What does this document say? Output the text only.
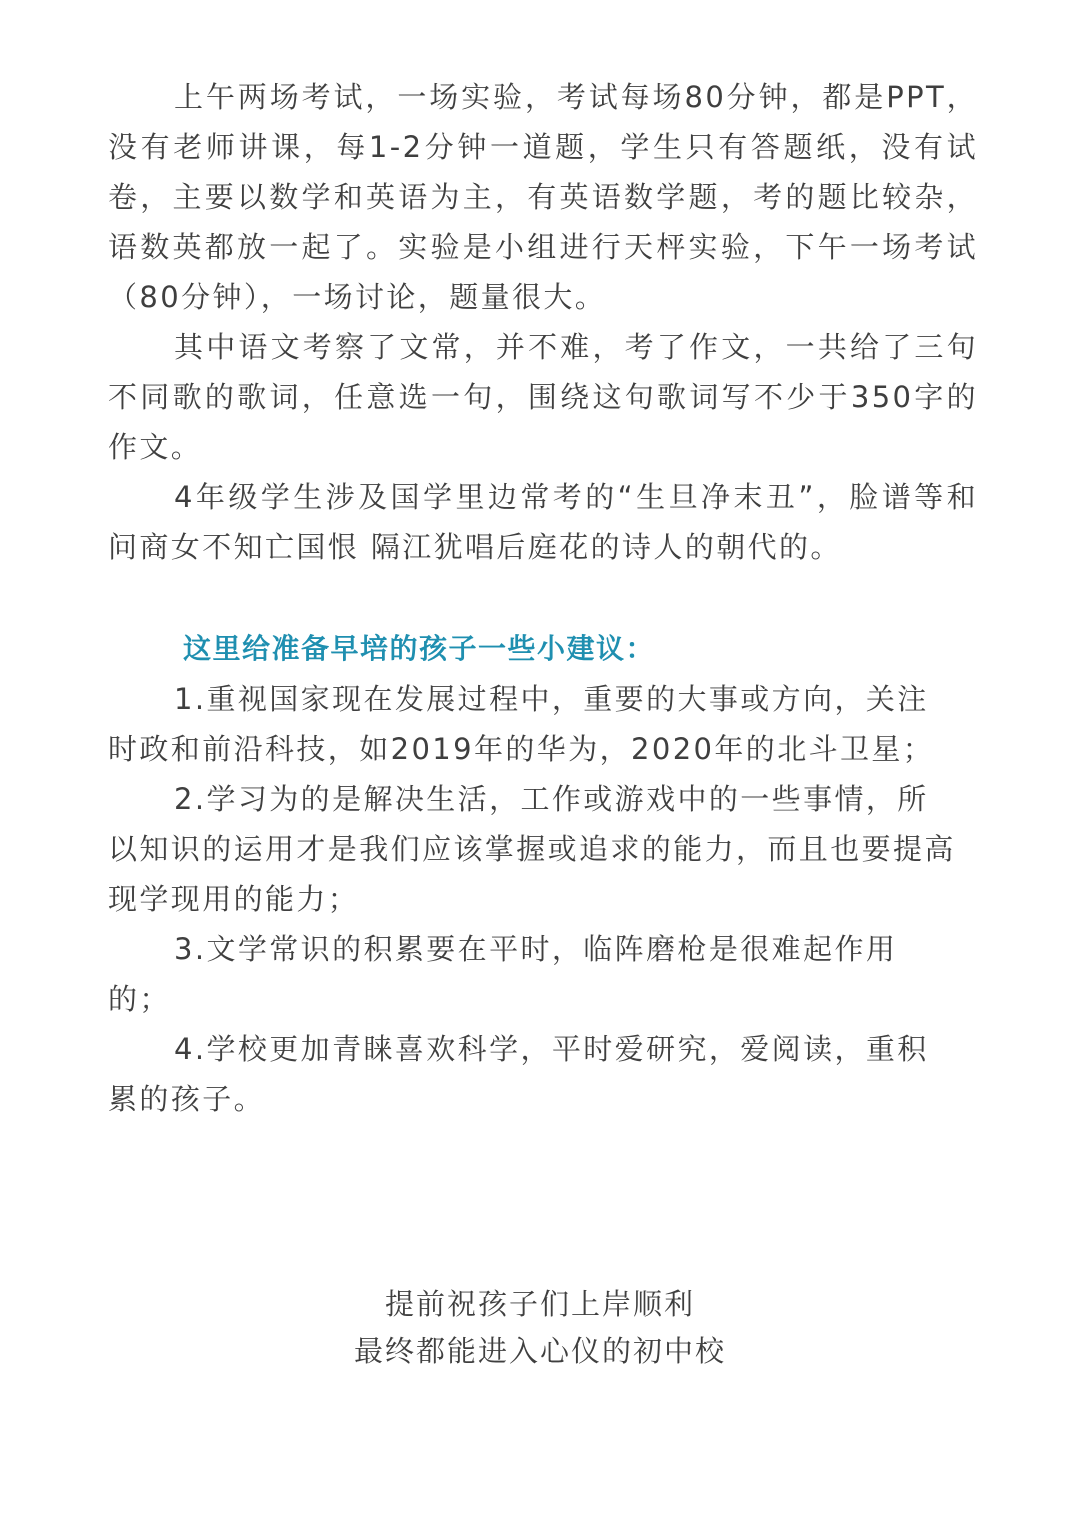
上午两场考试，一场实验，考试每场80分钟，都是PPT，没有老师讲课，每1-2分钟一道题，学生只有答题纸，没有试卷，主要以数学和英语为主，有英语数学题，考的题比较杂，语数英都放一起了。实验是小组进行天枰实验，下午一场考试（80分钟），一场讨论，题量很大。

其中语文考察了文常，并不难，考了作文，一共给了三句不同歌的歌词，任意选一句，围绕这句歌词写不少于350字的作文。

4年级学生涉及国学里边常考的“生旦净末丑”，脸谱等和问商女不知亡国恨 隔江犹唱后庭花的诗人的朝代的。

这里给准备早培的孩子一些小建议：

1.重视国家现在发展过程中，重要的大事或方向，关注时政和前沿科技，如2019年的华为，2020年的北斗卫星；

2.学习为的是解决生活，工作或游戏中的一些事情，所以知识的运用才是我们应该掌握或追求的能力，而且也要提高现学现用的能力；

3.文学常识的积累要在平时，临阵磨枪是很难起作用的；

4.学校更加青睐喜欢科学，平时爱研究，爱阅读，重积累的孩子。

提前祝孩子们上岸顺利

最终都能进入心仪的初中校
